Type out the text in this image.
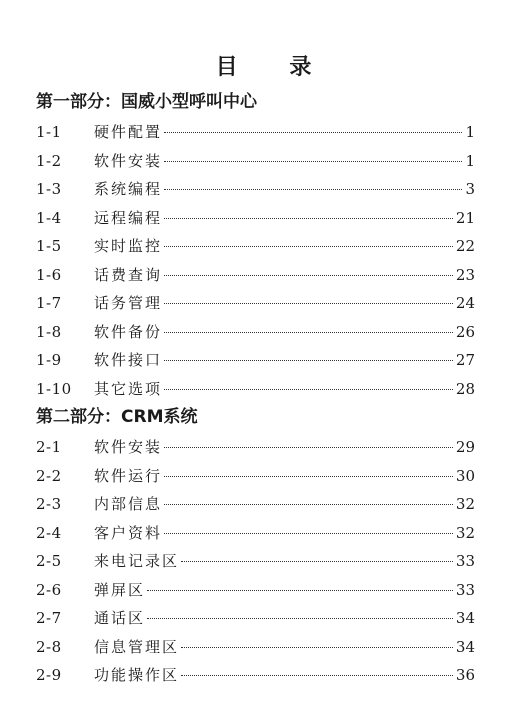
目 录
第一部分：国威小型呼叫中心
1-1	硬件配置	1
1-2	软件安装	1
1-3	系统编程	3
1-4	远程编程	21
1-5	实时监控	22
1-6	话费查询	23
1-7	话务管理	24
1-8	软件备份	26
1-9	软件接口	27
1-10	其它选项	28
第二部分：CRM系统
2-1	软件安装	29
2-2	软件运行	30
2-3	内部信息	32
2-4	客户资料	32
2-5	来电记录区	33
2-6	弹屏区	33
2-7	通话区	34
2-8	信息管理区	34
2-9	功能操作区	36
